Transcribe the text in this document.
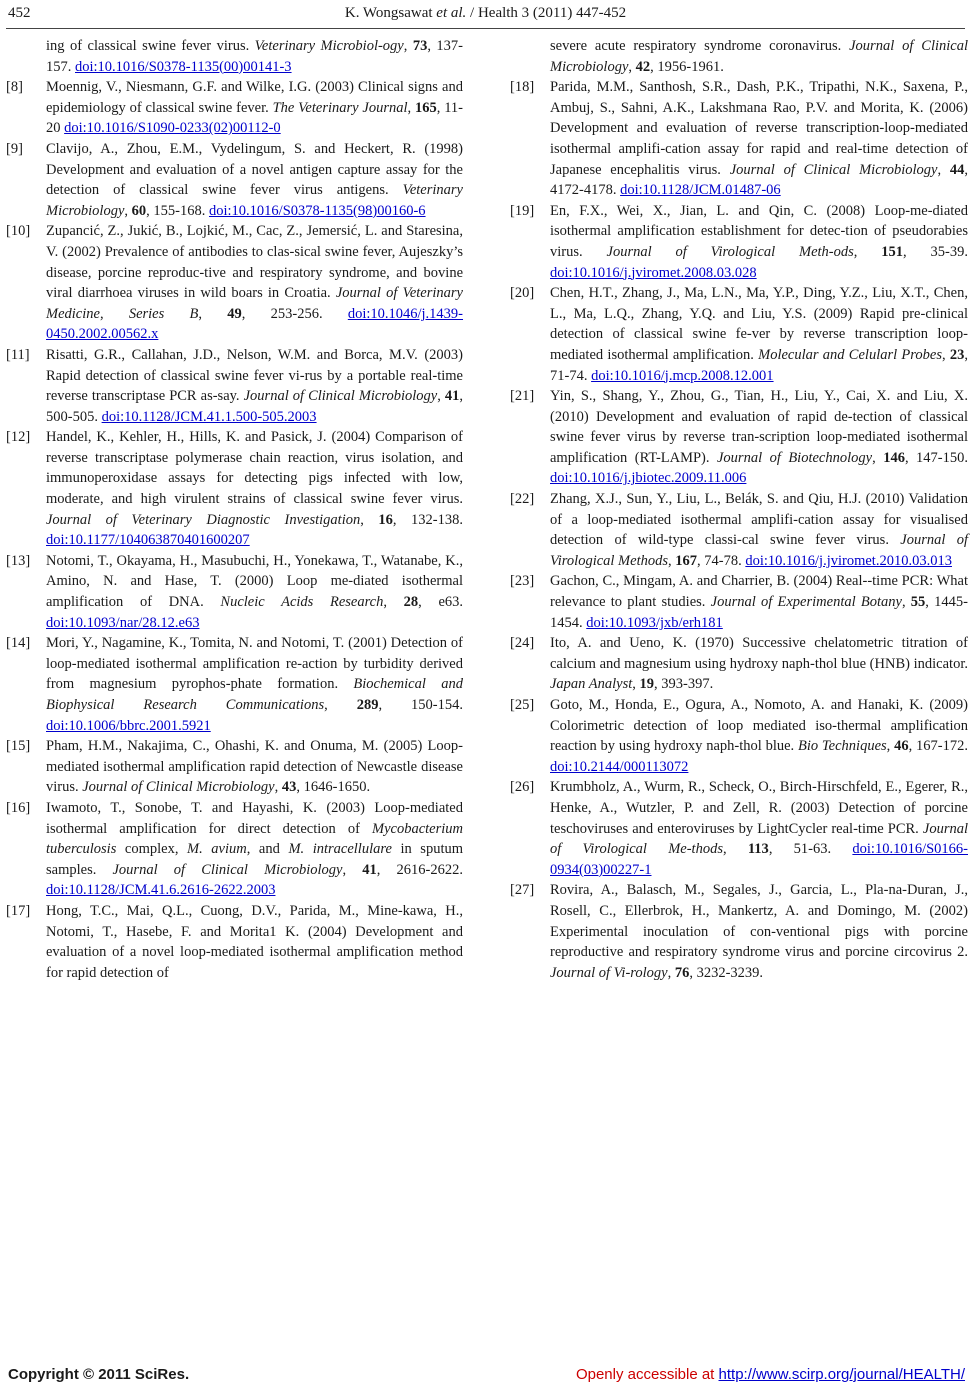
452	K. Wongsawat et al. / Health 3 (2011) 447-452
ing of classical swine fever virus. Veterinary Microbiol-ogy, 73, 137-157. doi:10.1016/S0378-1135(00)00141-3
[8] Moennig, V., Niesmann, G.F. and Wilke, I.G. (2003) Clinical signs and epidemiology of classical swine fever. The Veterinary Journal, 165, 11-20 doi:10.1016/S1090-0233(02)00112-0
[9] Clavijo, A., Zhou, E.M., Vydelingum, S. and Heckert, R. (1998) Development and evaluation of a novel antigen capture assay for the detection of classical swine fever virus antigens. Veterinary Microbiology, 60, 155-168. doi:10.1016/S0378-1135(98)00160-6
[10] Zupancić, Z., Jukić, B., Lojkić, M., Cac, Z., Jemersić, L. and Staresina, V. (2002) Prevalence of antibodies to clas-sical swine fever, Aujeszky’s disease, porcine reproduc-tive and respiratory syndrome, and bovine viral diarrhoea viruses in wild boars in Croatia. Journal of Veterinary Medicine, Series B, 49, 253-256. doi:10.1046/j.1439-0450.2002.00562.x
[11] Risatti, G.R., Callahan, J.D., Nelson, W.M. and Borca, M.V. (2003) Rapid detection of classical swine fever vi-rus by a portable real-time reverse transcriptase PCR as-say. Journal of Clinical Microbiology, 41, 500-505. doi:10.1128/JCM.41.1.500-505.2003
[12] Handel, K., Kehler, H., Hills, K. and Pasick, J. (2004) Comparison of reverse transcriptase polymerase chain reaction, virus isolation, and immunoperoxidase assays for detecting pigs infected with low, moderate, and high virulent strains of classical swine fever virus. Journal of Veterinary Diagnostic Investigation, 16, 132-138. doi:10.1177/104063870401600207
[13] Notomi, T., Okayama, H., Masubuchi, H., Yonekawa, T., Watanabe, K., Amino, N. and Hase, T. (2000) Loop me-diated isothermal amplification of DNA. Nucleic Acids Research, 28, e63. doi:10.1093/nar/28.12.e63
[14] Mori, Y., Nagamine, K., Tomita, N. and Notomi, T. (2001) Detection of loop-mediated isothermal amplification re-action by turbidity derived from magnesium pyrophos-phate formation. Biochemical and Biophysical Research Communications, 289, 150-154. doi:10.1006/bbrc.2001.5921
[15] Pham, H.M., Nakajima, C., Ohashi, K. and Onuma, M. (2005) Loop-mediated isothermal amplification rapid detection of Newcastle disease virus. Journal of Clinical Microbiology, 43, 1646-1650.
[16] Iwamoto, T., Sonobe, T. and Hayashi, K. (2003) Loop-mediated isothermal amplification for direct detection of Mycobacterium tuberculosis complex, M. avium, and M. intracellulare in sputum samples. Journal of Clinical Microbiology, 41, 2616-2622. doi:10.1128/JCM.41.6.2616-2622.2003
[17] Hong, T.C., Mai, Q.L., Cuong, D.V., Parida, M., Mine-kawa, H., Notomi, T., Hasebe, F. and Morita1 K. (2004) Development and evaluation of a novel loop-mediated isothermal amplification method for rapid detection of
severe acute respiratory syndrome coronavirus. Journal of Clinical Microbiology, 42, 1956-1961.
[18] Parida, M.M., Santhosh, S.R., Dash, P.K., Tripathi, N.K., Saxena, P., Ambuj, S., Sahni, A.K., Lakshmana Rao, P.V. and Morita, K. (2006) Development and evaluation of reverse transcription-loop-mediated isothermal amplifi-cation assay for rapid and real-time detection of Japanese encephalitis virus. Journal of Clinical Microbiology, 44, 4172-4178. doi:10.1128/JCM.01487-06
[19] En, F.X., Wei, X., Jian, L. and Qin, C. (2008) Loop-me-diated isothermal amplification establishment for detec-tion of pseudorabies virus. Journal of Virological Meth-ods, 151, 35-39. doi:10.1016/j.jviromet.2008.03.028
[20] Chen, H.T., Zhang, J., Ma, L.N., Ma, Y.P., Ding, Y.Z., Liu, X.T., Chen, L., Ma, L.Q., Zhang, Y.Q. and Liu, Y.S. (2009) Rapid pre-clinical detection of classical swine fe-ver by reverse transcription loop-mediated isothermal amplification. Molecular and Celularl Probes, 23, 71-74. doi:10.1016/j.mcp.2008.12.001
[21] Yin, S., Shang, Y., Zhou, G., Tian, H., Liu, Y., Cai, X. and Liu, X. (2010) Development and evaluation of rapid de-tection of classical swine fever virus by reverse tran-scription loop-mediated isothermal amplification (RT-LAMP). Journal of Biotechnology, 146, 147-150. doi:10.1016/j.jbiotec.2009.11.006
[22] Zhang, X.J., Sun, Y., Liu, L., Belák, S. and Qiu, H.J. (2010) Validation of a loop-mediated isothermal amplifi-cation assay for visualised detection of wild-type classi-cal swine fever virus. Journal of Virological Methods, 167, 74-78. doi:10.1016/j.jviromet.2010.03.013
[23] Gachon, C., Mingam, A. and Charrier, B. (2004) Real--time PCR: What relevance to plant studies. Journal of Experimental Botany, 55, 1445-1454. doi:10.1093/jxb/erh181
[24] Ito, A. and Ueno, K. (1970) Successive chelatometric titration of calcium and magnesium using hydroxy naph-thol blue (HNB) indicator. Japan Analyst, 19, 393-397.
[25] Goto, M., Honda, E., Ogura, A., Nomoto, A. and Hanaki, K. (2009) Colorimetric detection of loop mediated iso-thermal amplification reaction by using hydroxy naph-thol blue. Bio Techniques, 46, 167-172. doi:10.2144/000113072
[26] Krumbholz, A., Wurm, R., Scheck, O., Birch-Hirschfeld, E., Egerer, R., Henke, A., Wutzler, P. and Zell, R. (2003) Detection of porcine teschoviruses and enteroviruses by LightCycler real-time PCR. Journal of Virological Me-thods, 113, 51-63. doi:10.1016/S0166-0934(03)00227-1
[27] Rovira, A., Balasch, M., Segales, J., Garcia, L., Pla-na-Duran, J., Rosell, C., Ellerbrok, H., Mankertz, A. and Domingo, M. (2002) Experimental inoculation of con-ventional pigs with porcine reproductive and respiratory syndrome virus and porcine circovirus 2. Journal of Vi-rology, 76, 3232-3239.
Copyright © 2011 SciRes.	Openly accessible at http://www.scirp.org/journal/HEALTH/
